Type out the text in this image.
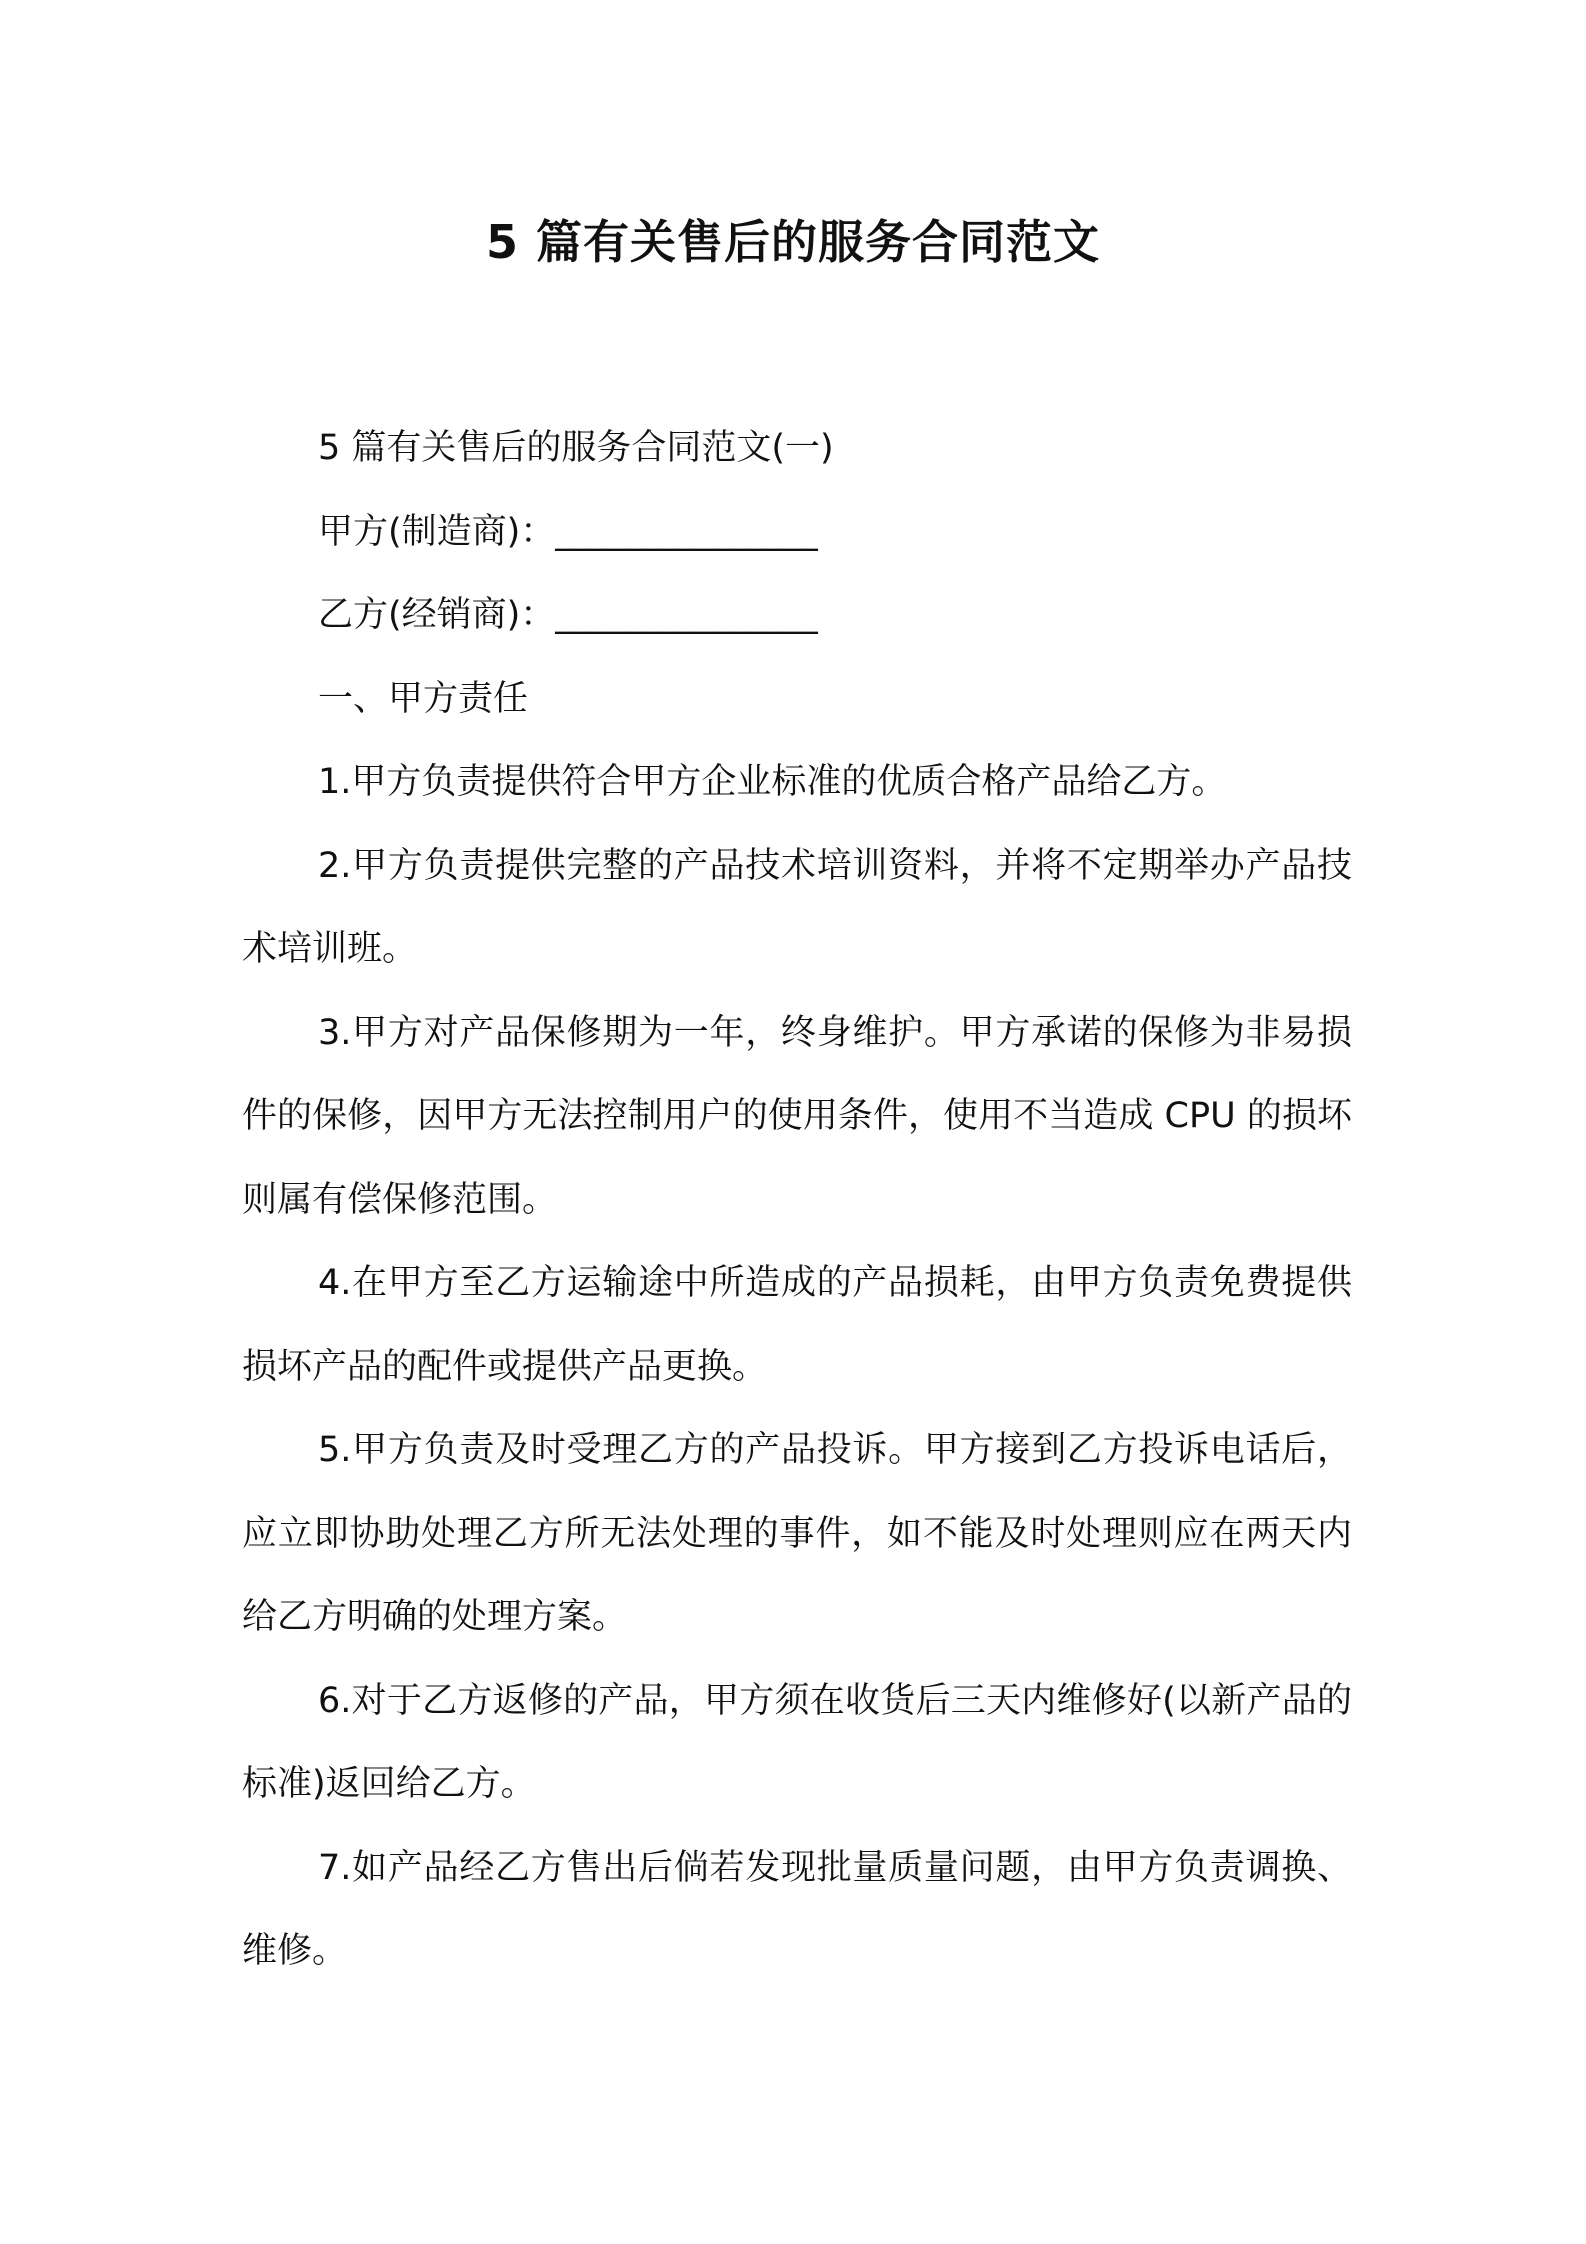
5 篇有关售后的服务合同范文

5 篇有关售后的服务合同范文(一)

甲方(制造商)：_______________

乙方(经销商)：_______________

一、甲方责任

1.甲方负责提供符合甲方企业标准的优质合格产品给乙方。

2.甲方负责提供完整的产品技术培训资料，并将不定期举办产品技术培训班。

3.甲方对产品保修期为一年，终身维护。甲方承诺的保修为非易损件的保修，因甲方无法控制用户的使用条件，使用不当造成 CPU 的损坏则属有偿保修范围。

4.在甲方至乙方运输途中所造成的产品损耗，由甲方负责免费提供损坏产品的配件或提供产品更换。

5.甲方负责及时受理乙方的产品投诉。甲方接到乙方投诉电话后，应立即协助处理乙方所无法处理的事件，如不能及时处理则应在两天内给乙方明确的处理方案。

6.对于乙方返修的产品，甲方须在收货后三天内维修好(以新产品的标准)返回给乙方。

7.如产品经乙方售出后倘若发现批量质量问题，由甲方负责调换、维修。
